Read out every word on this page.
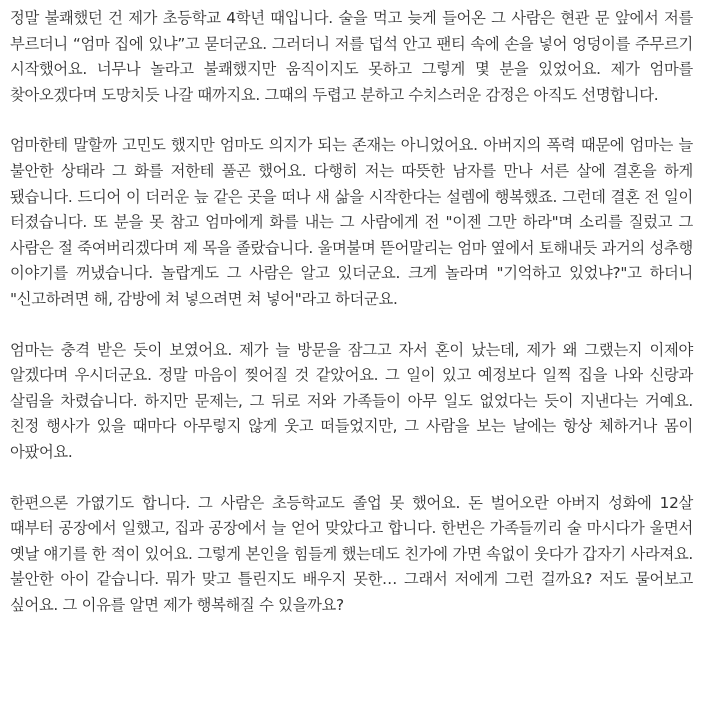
정말 불쾌했던 건 제가 초등학교 4학년 때입니다. 술을 먹고 늦게 들어온 그 사람은 현관 문 앞에서 저를 부르더니 “엄마 집에 있냐”고 묻더군요. 그러더니 저를 덥석 안고 팬티 속에 손을 넣어 엉덩이를 주무르기 시작했어요. 너무나 놀라고 불쾌했지만 움직이지도 못하고 그렇게 몇 분을 있었어요. 제가 엄마를 찾아오겠다며 도망치듯 나갈 때까지요. 그때의 두렵고 분하고 수치스러운 감정은 아직도 선명합니다.

엄마한테 말할까 고민도 했지만 엄마도 의지가 되는 존재는 아니었어요. 아버지의 폭력 때문에 엄마는 늘 불안한 상태라 그 화를 저한테 풀곤 했어요. 다행히 저는 따뜻한 남자를 만나 서른 살에 결혼을 하게 됐습니다. 드디어 이 더러운 늪 같은 곳을 떠나 새 삶을 시작한다는 설렘에 행복했죠. 그런데 결혼 전 일이 터졌습니다. 또 분을 못 참고 엄마에게 화를 내는 그 사람에게 전 "이젠 그만 하라"며 소리를 질렀고 그 사람은 절 죽여버리겠다며 제 목을 졸랐습니다. 울며불며 뜯어말리는 엄마 옆에서 토해내듯 과거의 성추행 이야기를 꺼냈습니다. 놀랍게도 그 사람은 알고 있더군요. 크게 놀라며 "기억하고 있었냐?"고 하더니 "신고하려면 해, 감방에 쳐 넣으려면 쳐 넣어"라고 하더군요.

엄마는 충격 받은 듯이 보였어요. 제가 늘 방문을 잠그고 자서 혼이 났는데, 제가 왜 그랬는지 이제야 알겠다며 우시더군요. 정말 마음이 찢어질 것 같았어요. 그 일이 있고 예정보다 일찍 집을 나와 신랑과 살림을 차렸습니다. 하지만 문제는, 그 뒤로 저와 가족들이 아무 일도 없었다는 듯이 지낸다는 거예요. 친정 행사가 있을 때마다 아무렇지 않게 웃고 떠들었지만, 그 사람을 보는 날에는 항상 체하거나 몸이 아팠어요.

한편으론 가엾기도 합니다. 그 사람은 초등학교도 졸업 못 했어요. 돈 벌어오란 아버지 성화에 12살 때부터 공장에서 일했고, 집과 공장에서 늘 얻어 맞았다고 합니다. 한번은 가족들끼리 술 마시다가 울면서 옛날 얘기를 한 적이 있어요. 그렇게 본인을 힘들게 했는데도 친가에 가면 속없이 웃다가 갑자기 사라져요. 불안한 아이 같습니다. 뭐가 맞고 틀린지도 배우지 못한… 그래서 저에게 그런 걸까요? 저도 물어보고 싶어요. 그 이유를 알면 제가 행복해질 수 있을까요?
